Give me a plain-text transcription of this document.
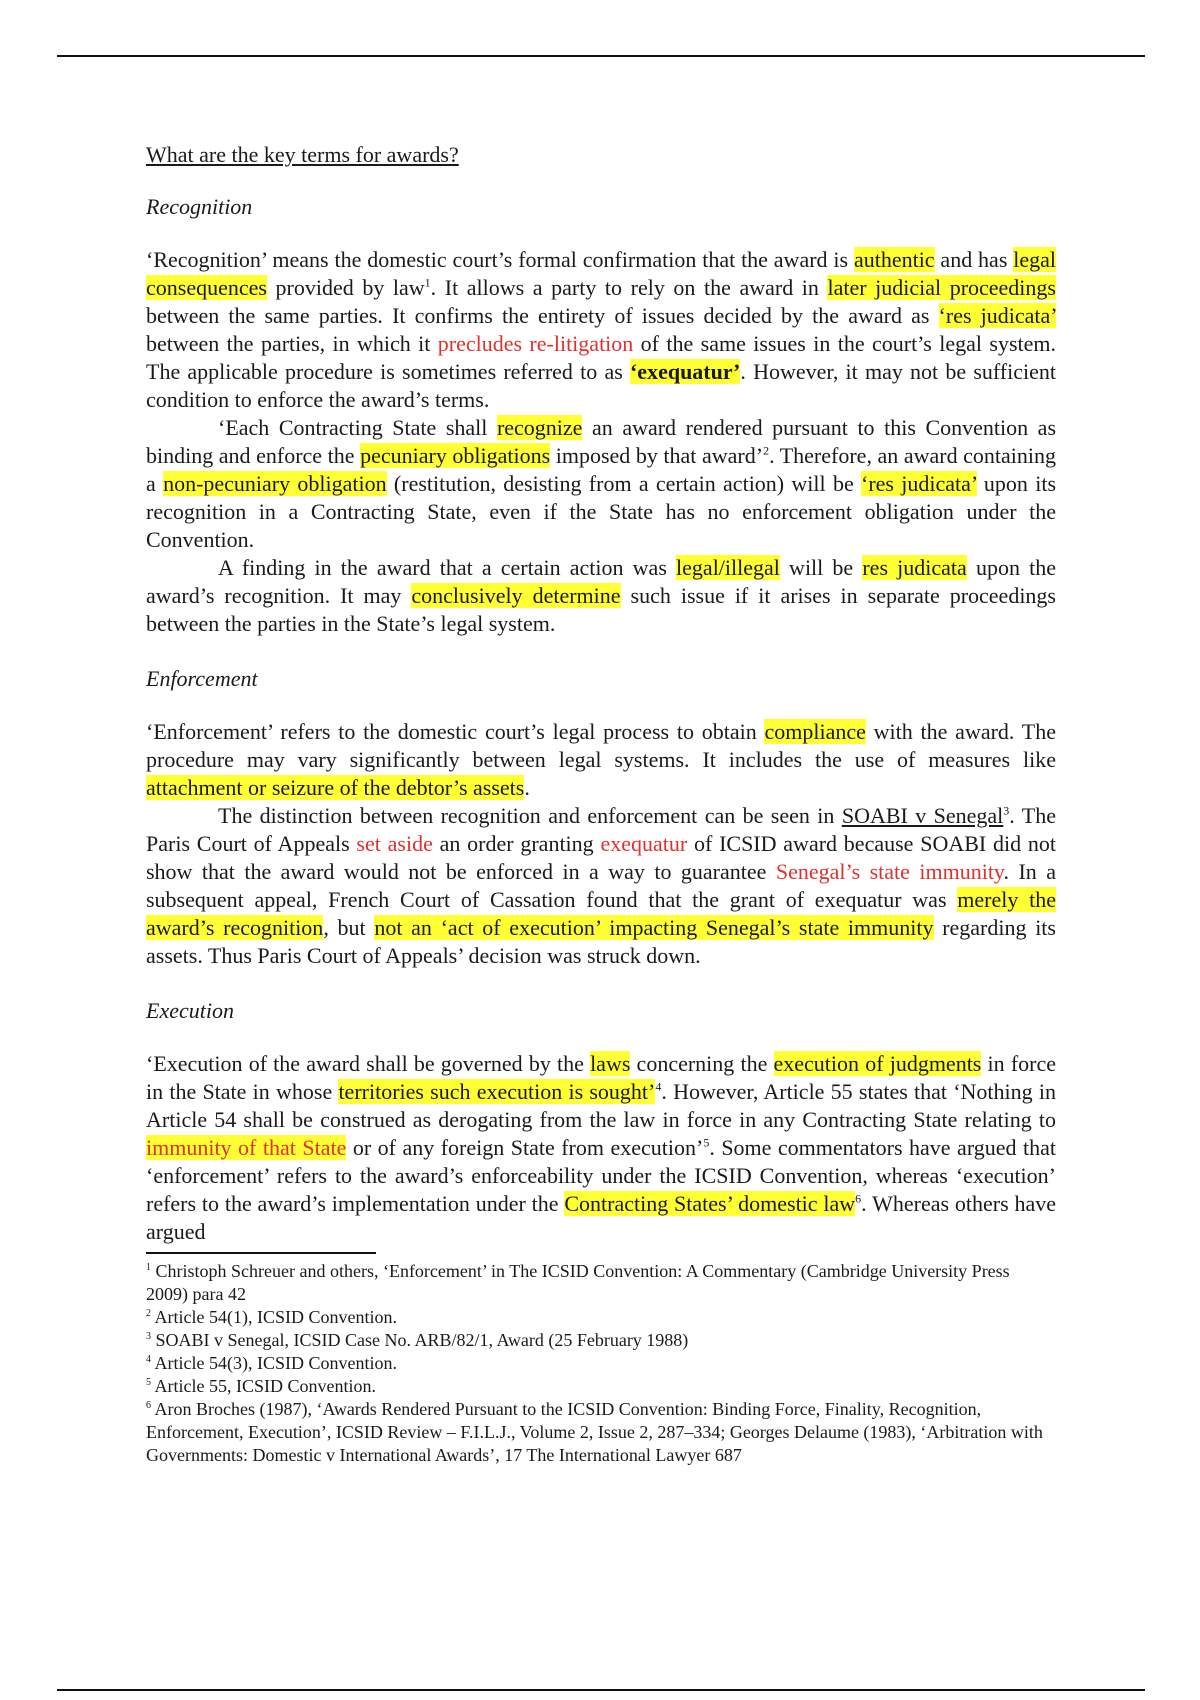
What are the key terms for awards?

Recognition

‘Recognition’ means the domestic court’s formal confirmation that the award is authentic and has legal consequences provided by law$^1$. It allows a party to rely on the award in later judicial proceedings between the same parties. It confirms the entirety of issues decided by the award as ‘res judicata’ between the parties, in which it precludes re-litigation of the same issues in the court’s legal system. The applicable procedure is sometimes referred to as ‘exequatur’. However, it may not be sufficient condition to enforce the award’s terms.

‘Each Contracting State shall recognize an award rendered pursuant to this Convention as binding and enforce the pecuniary obligations imposed by that award’$^2$. Therefore, an award containing a non-pecuniary obligation (restitution, desisting from a certain action) will be ‘res judicata’ upon its recognition in a Contracting State, even if the State has no enforcement obligation under the Convention.

A finding in the award that a certain action was legal/illegal will be res judicata upon the award’s recognition. It may conclusively determine such issue if it arises in separate proceedings between the parties in the State’s legal system.

Enforcement

‘Enforcement’ refers to the domestic court’s legal process to obtain compliance with the award. The procedure may vary significantly between legal systems. It includes the use of measures like attachment or seizure of the debtor’s assets.

The distinction between recognition and enforcement can be seen in SOABI v Senegal$^3$. The Paris Court of Appeals set aside an order granting exequatur of ICSID award because SOABI did not show that the award would not be enforced in a way to guarantee Senegal’s state immunity. In a subsequent appeal, French Court of Cassation found that the grant of exequatur was merely the award’s recognition, but not an ‘act of execution’ impacting Senegal’s state immunity regarding its assets. Thus Paris Court of Appeals’ decision was struck down.

Execution

‘Execution of the award shall be governed by the laws concerning the execution of judgments in force in the State in whose territories such execution is sought’$^4$. However, Article 55 states that ‘Nothing in Article 54 shall be construed as derogating from the law in force in any Contracting State relating to immunity of that State or of any foreign State from execution’$^5$. Some commentators have argued that ‘enforcement’ refers to the award’s enforceability under the ICSID Convention, whereas ‘execution’ refers to the award’s implementation under the Contracting States’ domestic law$^6$. Whereas others have argued

$^1$ Christoph Schreuer and others, ‘Enforcement’ in The ICSID Convention: A Commentary (Cambridge University Press 2009) para 42

$^2$ Article 54(1), ICSID Convention.

$^3$ SOABI v Senegal, ICSID Case No. ARB/82/1, Award (25 February 1988)

$^4$ Article 54(3), ICSID Convention.

$^5$ Article 55, ICSID Convention.

$^6$ Aron Broches (1987), ‘Awards Rendered Pursuant to the ICSID Convention: Binding Force, Finality, Recognition, Enforcement, Execution’, ICSID Review – F.I.L.J., Volume 2, Issue 2, 287–334; Georges Delaume (1983), ‘Arbitration with Governments: Domestic v International Awards’, 17 The International Lawyer 687
